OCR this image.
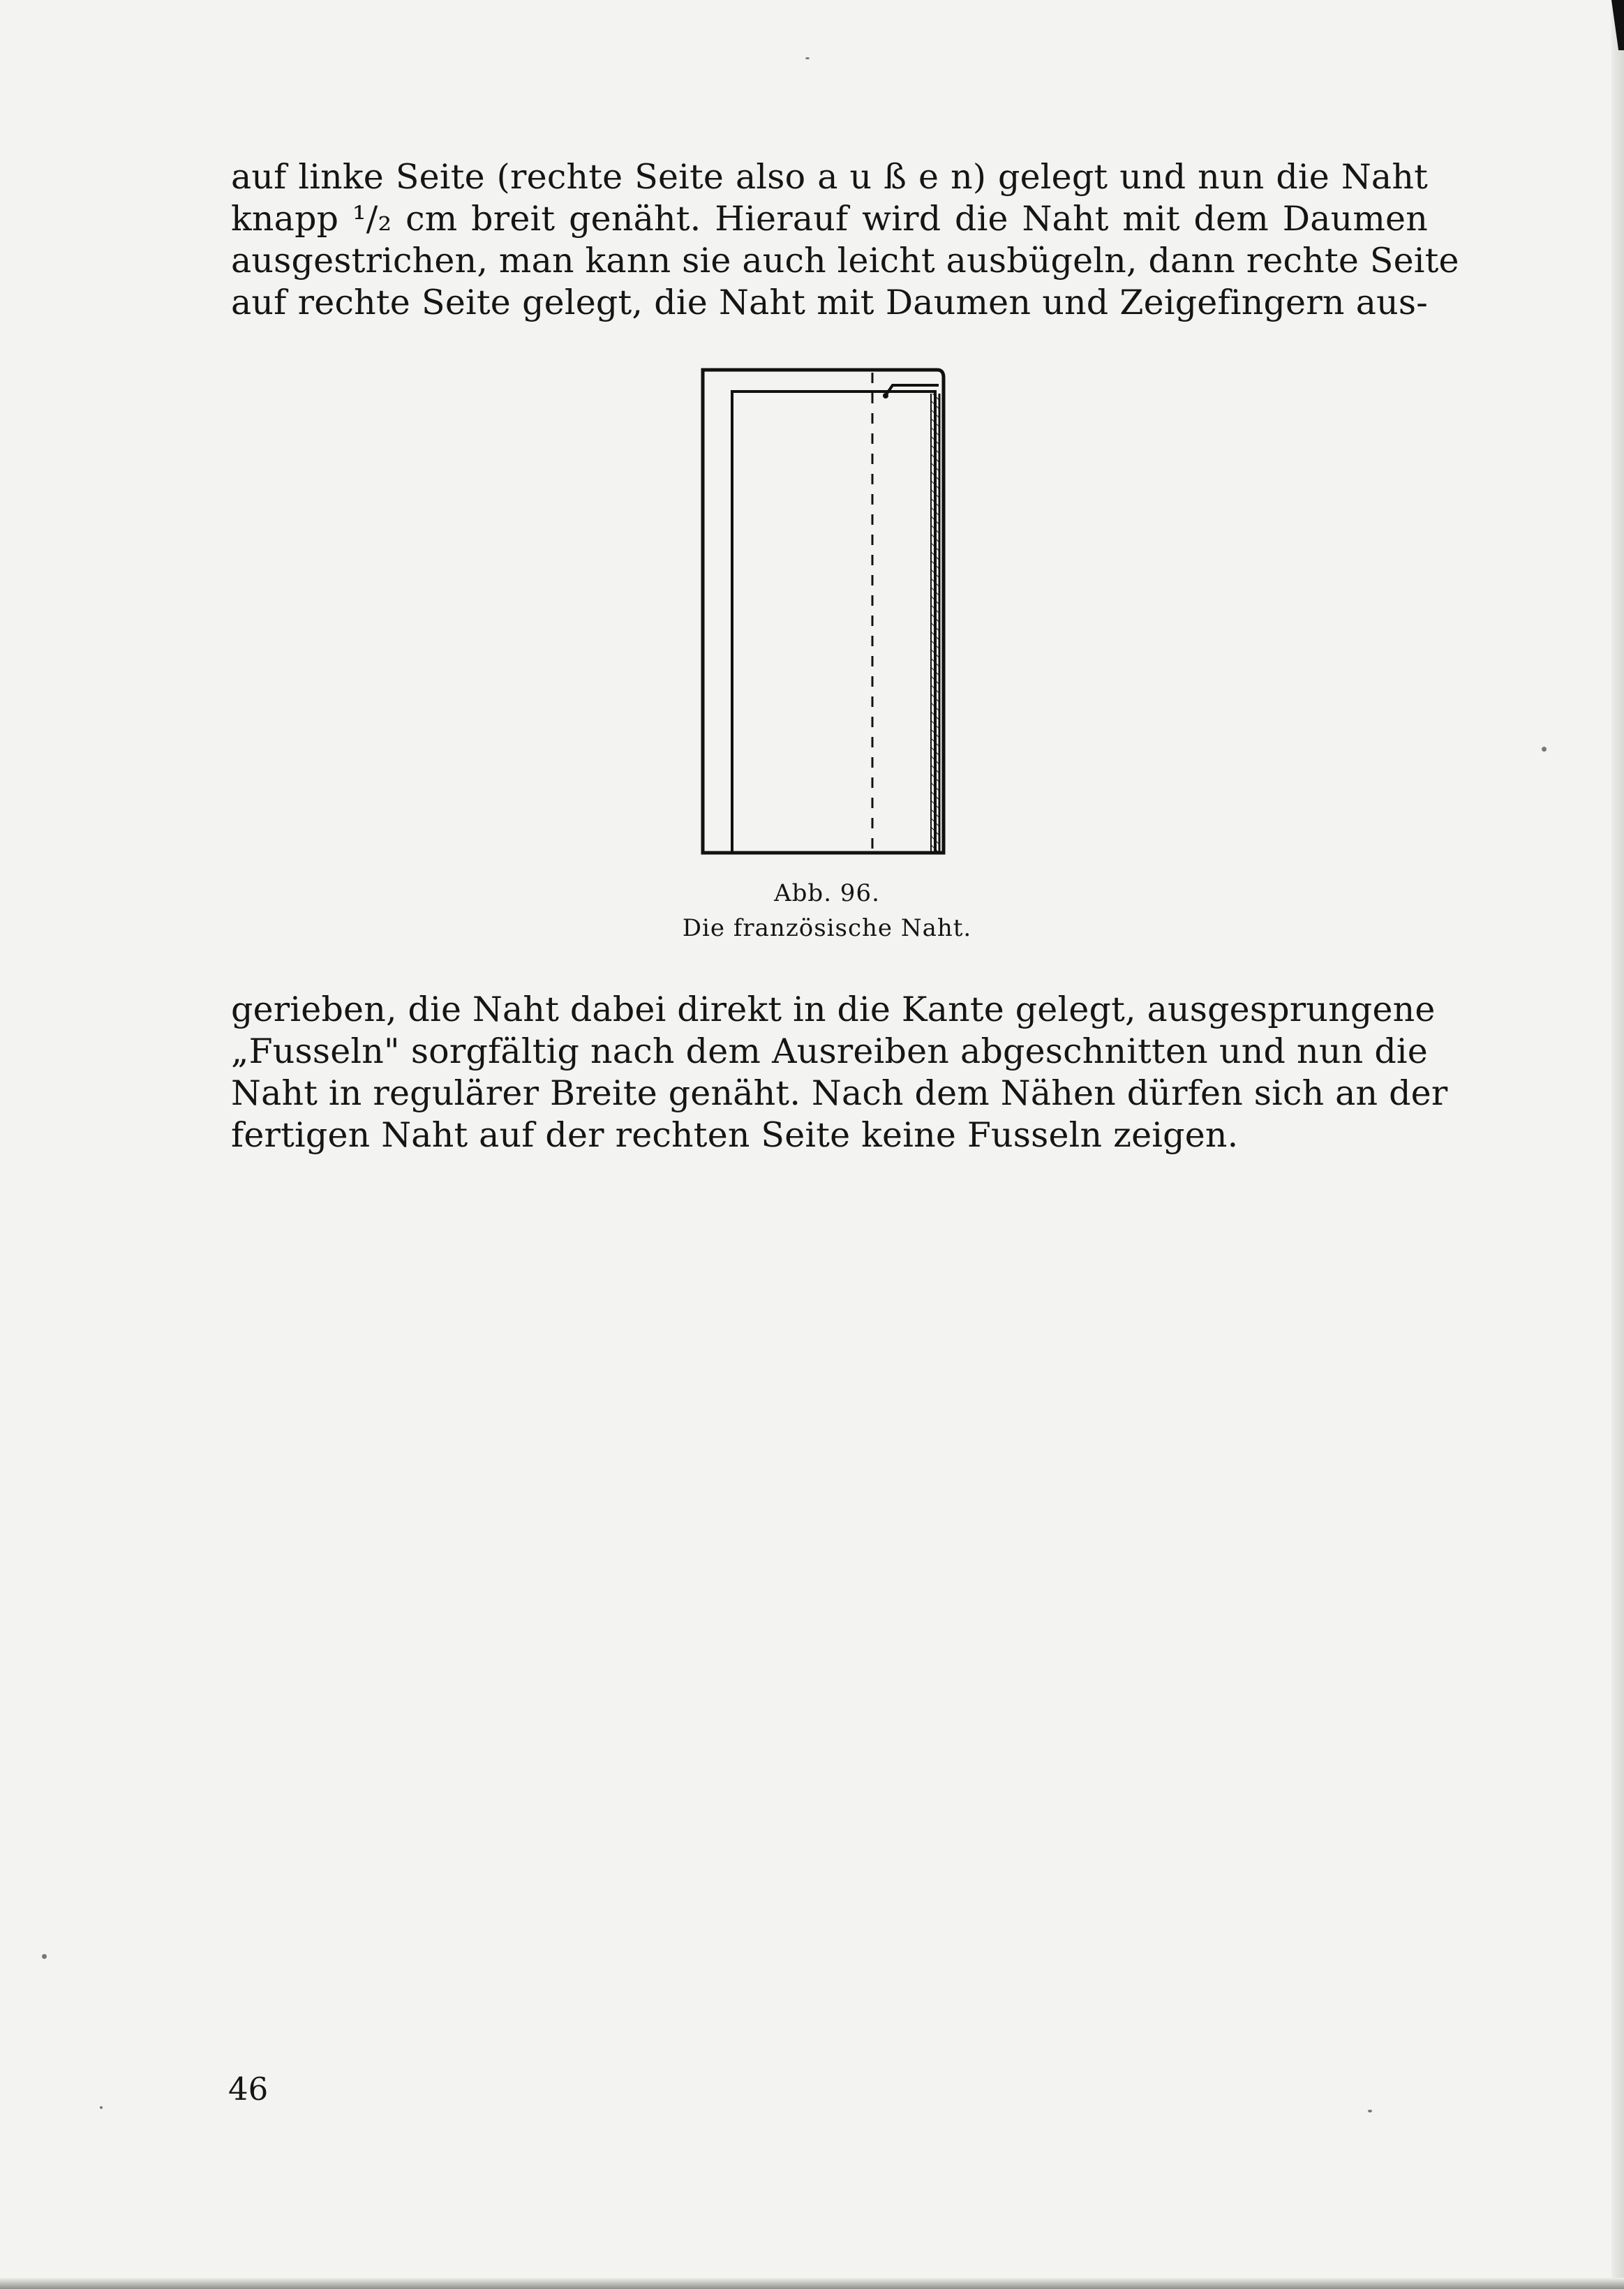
auf linke Seite (rechte Seite also a u ß e n) gelegt und nun die Naht
knapp ¹/₂ cm breit genäht. Hierauf wird die Naht mit dem Daumen
ausgestrichen, man kann sie auch leicht ausbügeln, dann rechte Seite
auf rechte Seite gelegt, die Naht mit Daumen und Zeigefingern aus-
Abb. 96.
Die französische Naht.
gerieben, die Naht dabei direkt in die Kante gelegt, ausgesprungene
„Fusseln" sorgfältig nach dem Ausreiben abgeschnitten und nun die
Naht in regulärer Breite genäht. Nach dem Nähen dürfen sich an der
fertigen Naht auf der rechten Seite keine Fusseln zeigen.
46
